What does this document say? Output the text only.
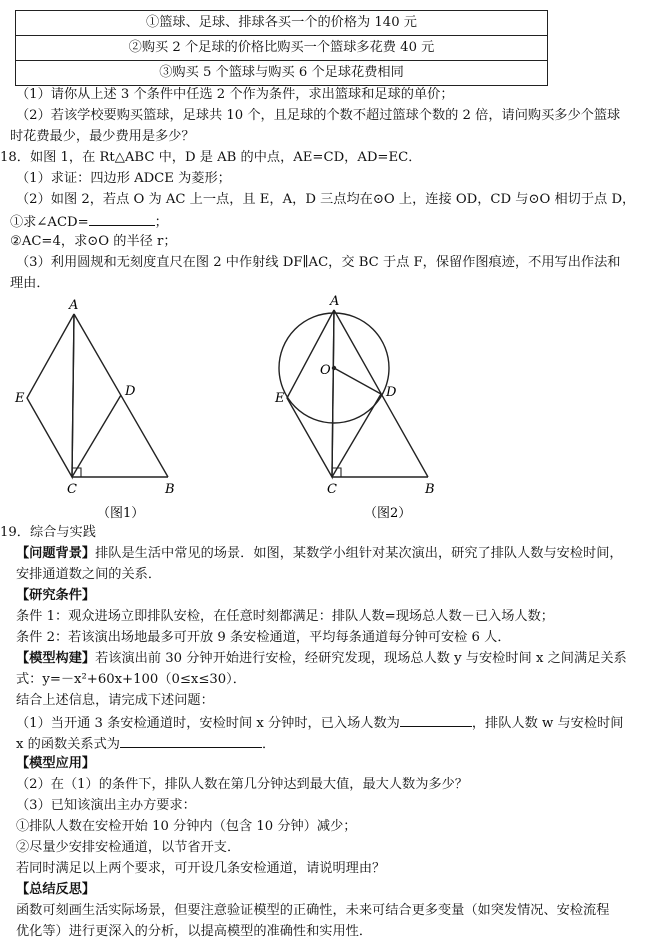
①篮球、足球、排球各买一个的价格为 140 元
②购买 2 个足球的价格比购买一个篮球多花费 40 元
③购买 5 个篮球与购买 6 个足球花费相同
（1）请你从上述 3 个条件中任选 2 个作为条件，求出篮球和足球的单价；
（2）若该学校要购买篮球，足球共 10 个，且足球的个数不超过篮球个数的 2 倍，请问购买多少个篮球
时花费最少，最少费用是多少？
18．如图 1，在 Rt△ABC 中，D 是 AB 的中点，AE=CD，AD=EC．
（1）求证：四边形 ADCE 为菱形；
（2）如图 2，若点 O 为 AC 上一点，且 E，A，D 三点均在⊙O 上，连接 OD，CD 与⊙O 相切于点 D，
①求∠ACD=	；
②AC=4，求⊙O 的半径 r；
（3）利用圆规和无刻度直尺在图 2 中作射线 DF∥AC，交 BC 于点 F，保留作图痕迹，不用写出作法和
理由．
A
E	D
C	B
（图1）
A
O
E	D
C	B
（图2）
19．综合与实践
【问题背景】排队是生活中常见的场景．如图，某数学小组针对某次演出，研究了排队人数与安检时间，
安排通道数之间的关系．
【研究条件】
条件 1：观众进场立即排队安检，在任意时刻都满足：排队人数=现场总人数－已入场人数；
条件 2：若该演出场地最多可开放 9 条安检通道，平均每条通道每分钟可安检 6 人．
【模型构建】若该演出前 30 分钟开始进行安检，经研究发现，现场总人数 y 与安检时间 x 之间满足关系
式：y=－x²+60x+100（0≤x≤30）．
结合上述信息，请完成下述问题：
（1）当开通 3 条安检通道时，安检时间 x 分钟时，已入场人数为	，排队人数 w 与安检时间
x 的函数关系式为	．
【模型应用】
（2）在（1）的条件下，排队人数在第几分钟达到最大值，最大人数为多少？
（3）已知该演出主办方要求：
①排队人数在安检开始 10 分钟内（包含 10 分钟）减少；
②尽量少安排安检通道，以节省开支．
若同时满足以上两个要求，可开设几条安检通道，请说明理由？
【总结反思】
函数可刻画生活实际场景，但要注意验证模型的正确性，未来可结合更多变量（如突发情况、安检流程
优化等）进行更深入的分析，以提高模型的准确性和实用性．
